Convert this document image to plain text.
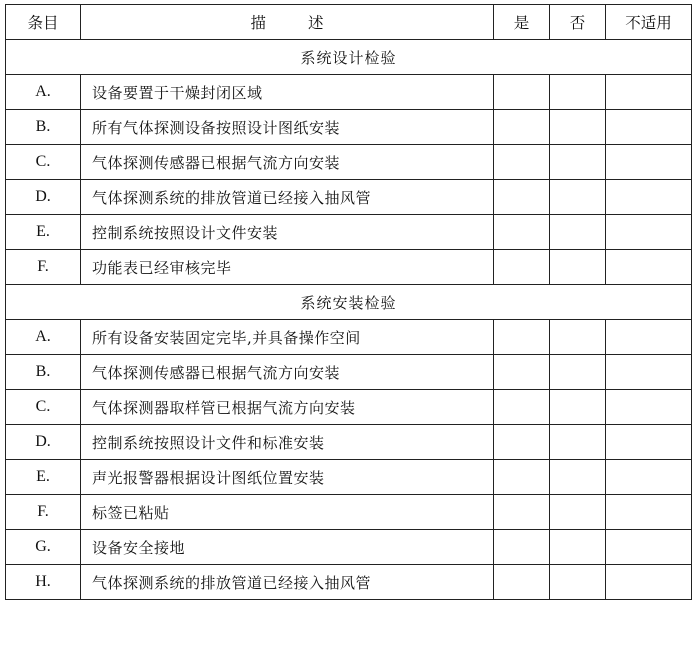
条目	描 述	是	否	不适用
系统设计检验				
A.	设备要置于干燥封闭区域			
B.	所有气体探测设备按照设计图纸安装			
C.	气体探测传感器已根据气流方向安装			
D.	气体探测系统的排放管道已经接入抽风管			
E.	控制系统按照设计文件安装			
F.	功能表已经审核完毕			
系统安装检验				
A.	所有设备安装固定完毕,并具备操作空间			
B.	气体探测传感器已根据气流方向安装			
C.	气体探测器取样管已根据气流方向安装			
D.	控制系统按照设计文件和标准安装			
E.	声光报警器根据设计图纸位置安装			
F.	标签已粘贴			
G.	设备安全接地			
H.	气体探测系统的排放管道已经接入抽风管			
